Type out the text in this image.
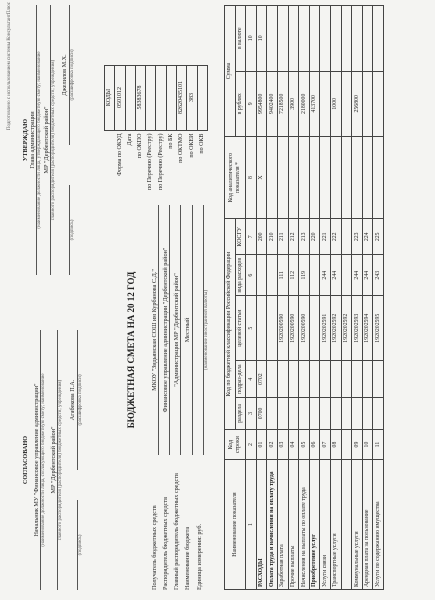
Подготовлено с использованием системы КонсультантПлюс
СОГЛАСОВАНО Начальник МУ "Финансовое управление администрации" (наименование должности лица, согласующего бюджетную смету; наименование МР "Дербентский район" главного распорядителя (распорядителя) бюджетных средств; учреждения) Агабекова П.А.
(подпись)
(расшифровка подписи)
УТВЕРЖДАЮ Глава администрации (наименование должности лица, утверждающего бюджетную смету; наименование МР "Дербентский район" главного распорядителя (распорядителя) бюджетных средств; учреждения) Джелилов М.Х.
(подпись)
(расшифровка подписи)
БЮДЖЕТНАЯ СМЕТА НА 20 12 ГОД
	КОДЫ
Форма по ОКУД	0501012
Дата	
по ОКПО	58383678
по Перечню (Реестру)	
по Перечню (Реестру)	
по БК	
по ОКТМО	82620435101
по ОКЕИ	383
по ОКВ	
Получатель бюджетных средств
МКОУ "Зидьянская СОШ им Курбанова С.Д."
Распорядитель бюджетных средств
Финансовое управление администрации "Дербентский район"
Главный распорядитель бюджетных средств
"Администрация МР "Дербентский район"
Наименование бюджета
Местный
Единица измерения: руб.
(наименование иностранной валюты)
Наименование показателя	Код строки	Код по бюджетной классификации Российской Федерации					Код аналитического показателя *	Сумма	
		раздела	подраз-дела	целевой статьи	вида расходов	КОСГУ		в рублях	в валюте

1	2	3	4	5	6	7	8	9	10
РАСХОДЫ	01	0700	0702			200	X	9954800	10
Оплата труда и начисления на оплату труда	02					210		9402400	
Заработная плата	03			1920200590	111	211		7218500	
Прочие выплаты	04			1920200590	112	212		3900	
Начисления на выплаты по оплате труда	05			1920200590	119	213		2180000	
Приобретение услуг	06					220		413700	
Услуги связи	07			1920202591	244	221			
Транспортные услуги	08			1920202592	244	222		1000	
				1920202592					
Коммунальные услуги	09			1920202593	244	223		256800	
Арендная плата за пользование	10			1920202594	244	224			
Услуги по содержанию имущества	11			1920202595	243	225			
